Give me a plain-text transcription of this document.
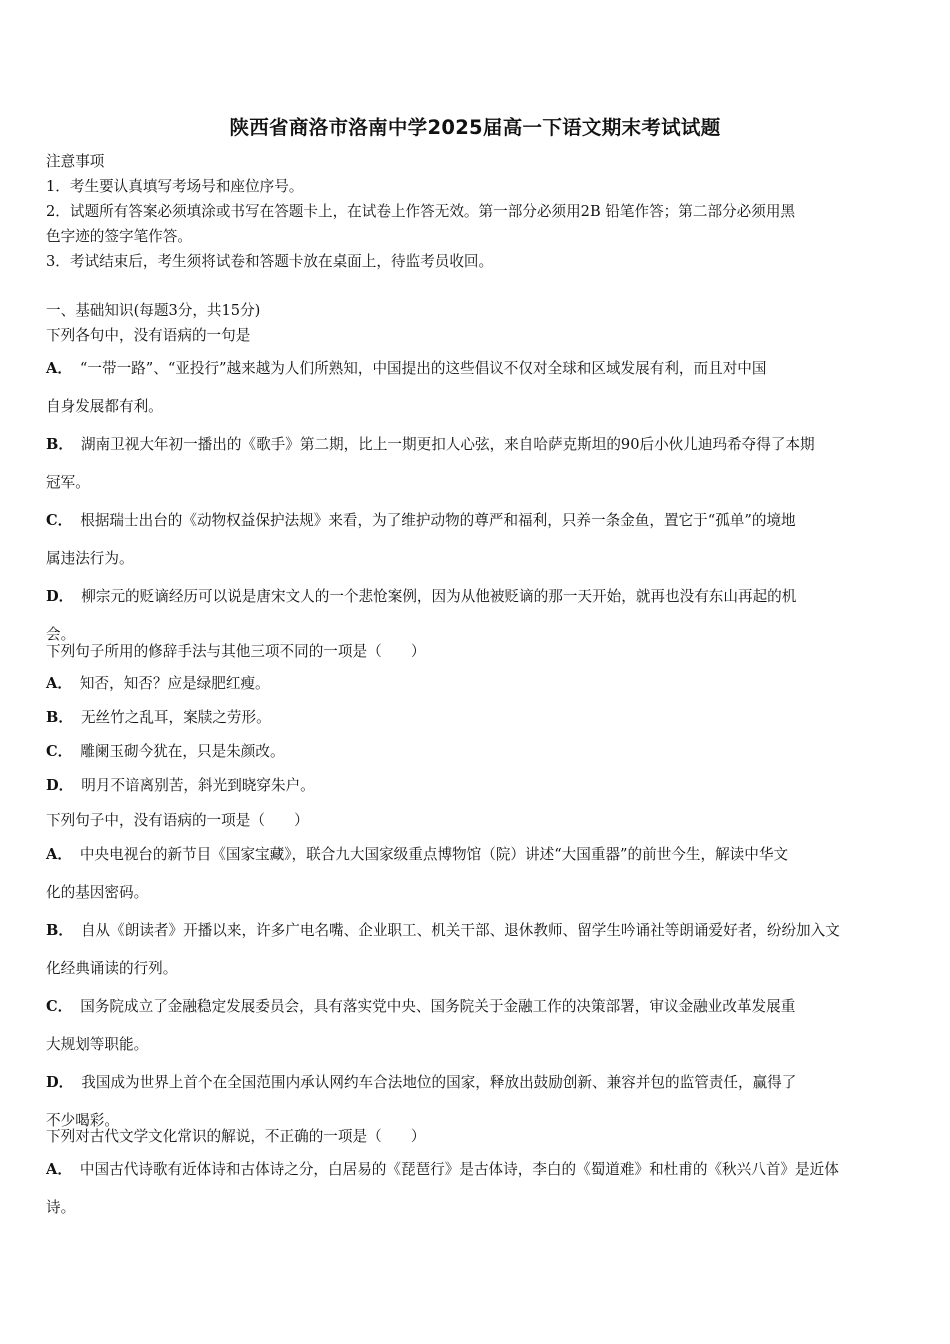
陕西省商洛市洛南中学2025届高一下语文期末考试试题
注意事项
1．考生要认真填写考场号和座位序号。
2．试题所有答案必须填涂或书写在答题卡上，在试卷上作答无效。第一部分必须用2B 铅笔作答；第二部分必须用黑
色字迹的签字笔作答。
3．考试结束后，考生须将试卷和答题卡放在桌面上，待监考员收回。
一、基础知识(每题3分，共15分)
下列各句中，没有语病的一句是
A． “一带一路”、“亚投行”越来越为人们所熟知，中国提出的这些倡议不仅对全球和区域发展有利，而且对中国
自身发展都有利。
B． 湖南卫视大年初一播出的《歌手》第二期，比上一期更扣人心弦，来自哈萨克斯坦的90后小伙儿迪玛希夺得了本期
冠军。
C． 根据瑞士出台的《动物权益保护法规》来看，为了维护动物的尊严和福利，只养一条金鱼，置它于“孤单”的境地
属违法行为。
D． 柳宗元的贬谪经历可以说是唐宋文人的一个悲怆案例，因为从他被贬谪的那一天开始，就再也没有东山再起的机
会。
下列句子所用的修辞手法与其他三项不同的一项是（　　）
A． 知否，知否？应是绿肥红瘦。
B． 无丝竹之乱耳，案牍之劳形。
C． 雕阑玉砌今犹在，只是朱颜改。
D． 明月不谙离别苦，斜光到晓穿朱户。
下列句子中，没有语病的一项是（　　）
A． 中央电视台的新节目《国家宝藏》，联合九大国家级重点博物馆（院）讲述“大国重器”的前世今生，解读中华文
化的基因密码。
B． 自从《朗读者》开播以来，许多广电名嘴、企业职工、机关干部、退休教师、留学生吟诵社等朗诵爱好者，纷纷加入文
化经典诵读的行列。
C． 国务院成立了金融稳定发展委员会，具有落实党中央、国务院关于金融工作的决策部署，审议金融业改革发展重
大规划等职能。
D． 我国成为世界上首个在全国范围内承认网约车合法地位的国家，释放出鼓励创新、兼容并包的监管责任，赢得了
不少喝彩。
下列对古代文学文化常识的解说，不正确的一项是（　　）
A． 中国古代诗歌有近体诗和古体诗之分，白居易的《琵琶行》是古体诗，李白的《蜀道难》和杜甫的《秋兴八首》是近体
诗。
